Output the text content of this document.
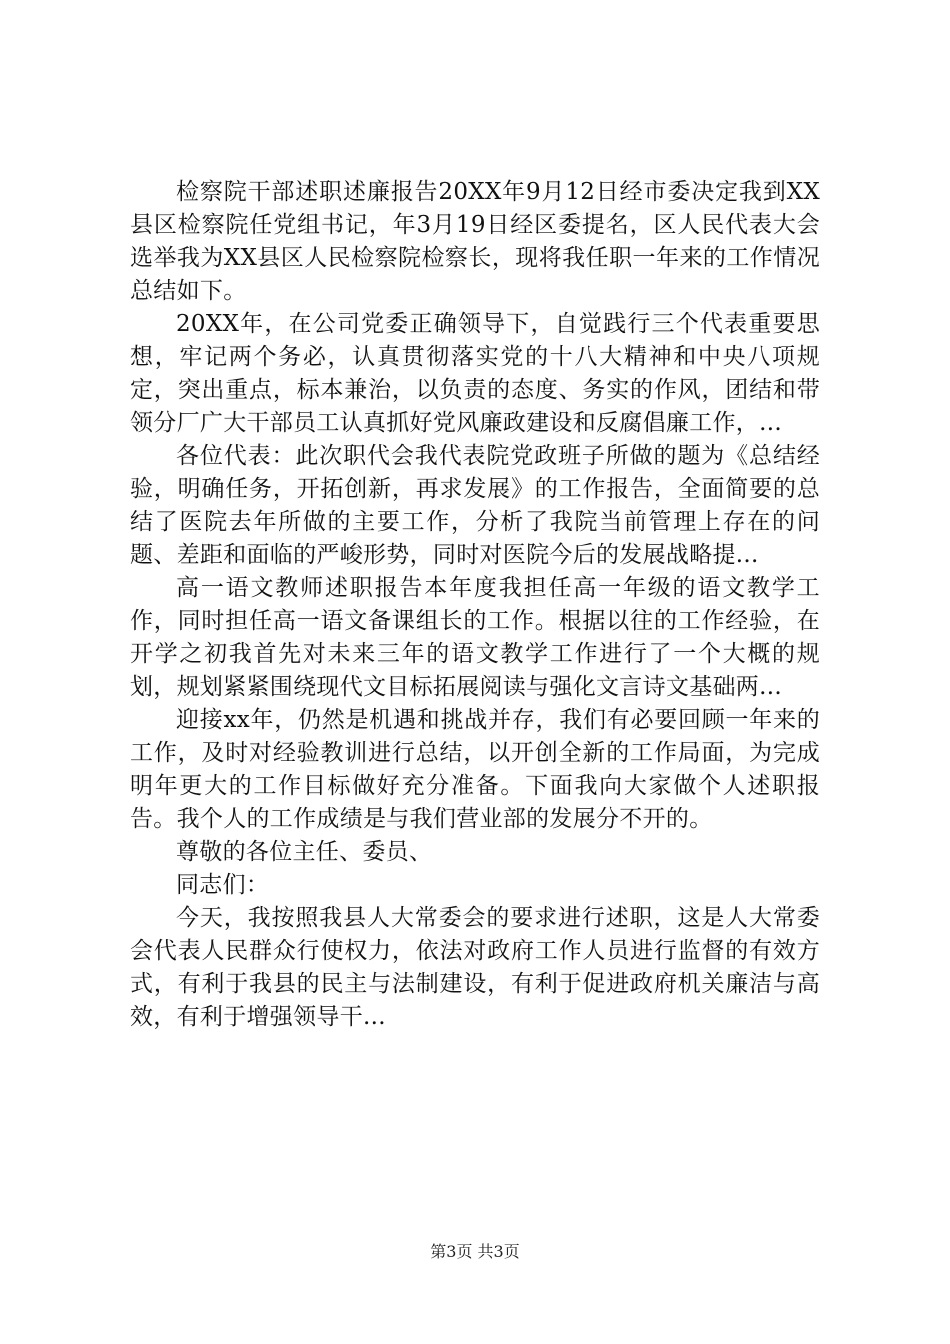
检察院干部述职述廉报告20XX年9月12日经市委决定我到XX县区检察院任党组书记，年3月19日经区委提名，区人民代表大会选举我为XX县区人民检察院检察长，现将我任职一年来的工作情况总结如下。

20XX年，在公司党委正确领导下，自觉践行三个代表重要思想，牢记两个务必，认真贯彻落实党的十八大精神和中央八项规定，突出重点，标本兼治，以负责的态度、务实的作风，团结和带领分厂广大干部员工认真抓好党风廉政建设和反腐倡廉工作，...

各位代表：此次职代会我代表院党政班子所做的题为《总结经验，明确任务，开拓创新，再求发展》的工作报告，全面简要的总结了医院去年所做的主要工作，分析了我院当前管理上存在的问题、差距和面临的严峻形势，同时对医院今后的发展战略提...

高一语文教师述职报告本年度我担任高一年级的语文教学工作，同时担任高一语文备课组长的工作。根据以往的工作经验，在开学之初我首先对未来三年的语文教学工作进行了一个大概的规划，规划紧紧围绕现代文目标拓展阅读与强化文言诗文基础两...

迎接xx年，仍然是机遇和挑战并存，我们有必要回顾一年来的工作，及时对经验教训进行总结，以开创全新的工作局面，为完成明年更大的工作目标做好充分准备。下面我向大家做个人述职报告。我个人的工作成绩是与我们营业部的发展分不开的。

尊敬的各位主任、委员、

同志们：

今天，我按照我县人大常委会的要求进行述职，这是人大常委会代表人民群众行使权力，依法对政府工作人员进行监督的有效方式，有利于我县的民主与法制建设，有利于促进政府机关廉洁与高效，有利于增强领导干...

第3页 共3页
